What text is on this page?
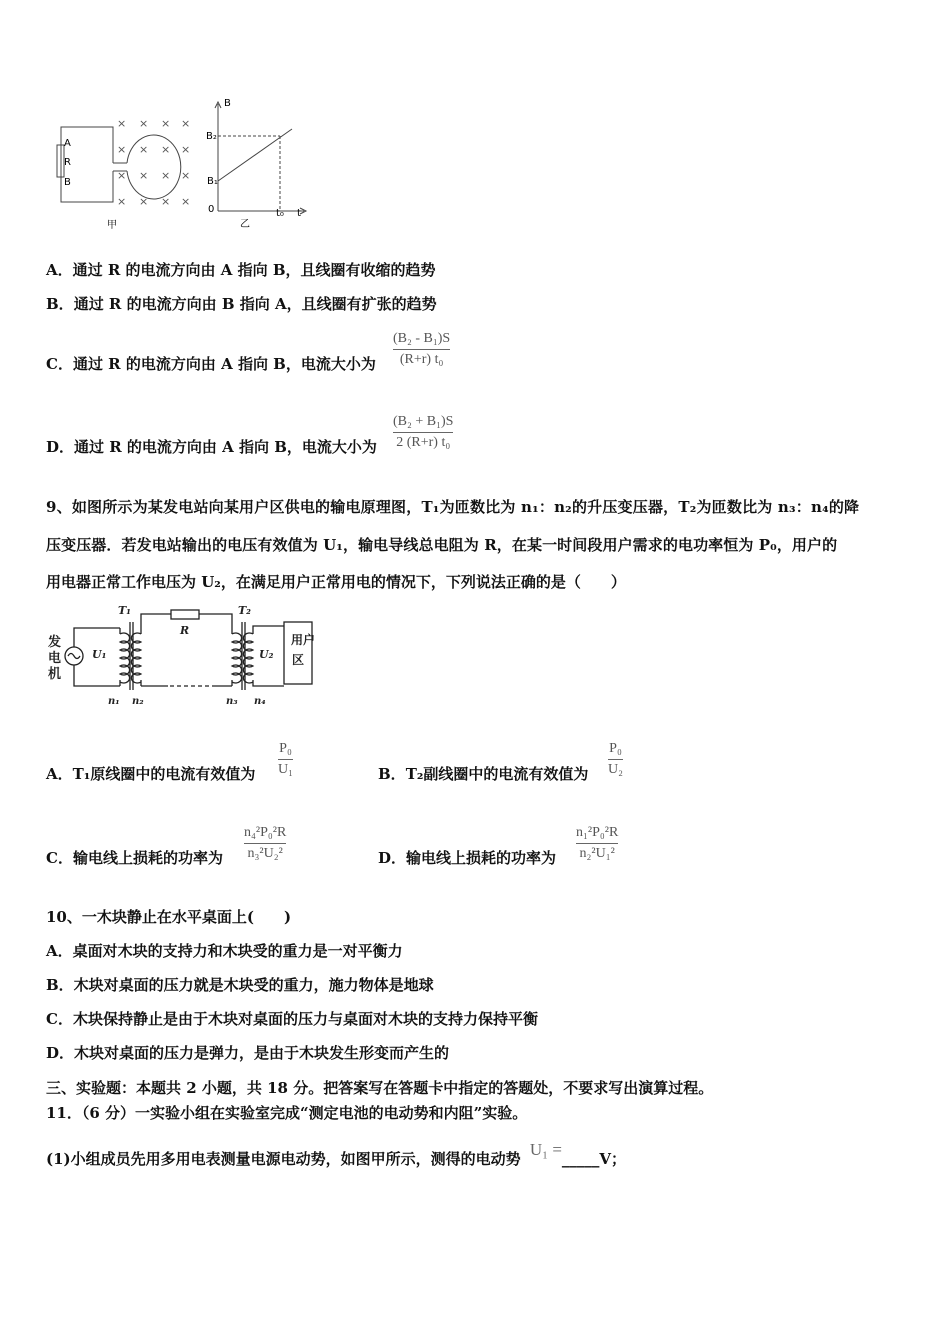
A
R
B
甲
× × × ×
× × × ×
× × × ×
× × × ×
B
B₂
B₁
0	t₀ t
乙
A．通过 R 的电流方向由 A 指向 B，且线圈有收缩的趋势
B．通过 R 的电流方向由 B 指向 A，且线圈有扩张的趋势
C．通过 R 的电流方向由 A 指向 B，电流大小为
(B₂ - B₁)S
(R+r) t₀
D．通过 R 的电流方向由 A 指向 B，电流大小为
(B₂ + B₁)S
2 (R+r) t₀
9、如图所示为某发电站向某用户区供电的输电原理图，T₁为匝数比为 n₁：n₂的升压变压器，T₂为匝数比为 n₃：n₄的降
压变压器．若发电站输出的电压有效值为 U₁，输电导线总电阻为 R，在某一时间段用户需求的电功率恒为 P₀，用户的
用电器正常工作电压为 U₂，在满足用户正常用电的情况下，下列说法正确的是（　　）
发
电
机
用户
区
U₁
T₁
R
T₂
U₂
n₁ n₂	n₃ n₄
A．T₁原线圈中的电流有效值为
P₀
U₁	B．T₂副线圈中的电流有效值为
P₀
U₂
C．输电线上损耗的功率为
n₄²P₀²R
n₃²U₂²	D．输电线上损耗的功率为
n₁²P₀²R
n₂²U₁²
10、一木块静止在水平桌面上(　　)
A．桌面对木块的支持力和木块受的重力是一对平衡力
B．木块对桌面的压力就是木块受的重力，施力物体是地球
C．木块保持静止是由于木块对桌面的压力与桌面对木块的支持力保持平衡
D．木块对桌面的压力是弹力，是由于木块发生形变而产生的
三、实验题：本题共 2 小题，共 18 分。把答案写在答题卡中指定的答题处，不要求写出演算过程。
11．（6 分）一实验小组在实验室完成“测定电池的电动势和内阻”实验。
(1)小组成员先用多用电表测量电源电动势，如图甲所示，测得的电动势 U₁ =_____V；
